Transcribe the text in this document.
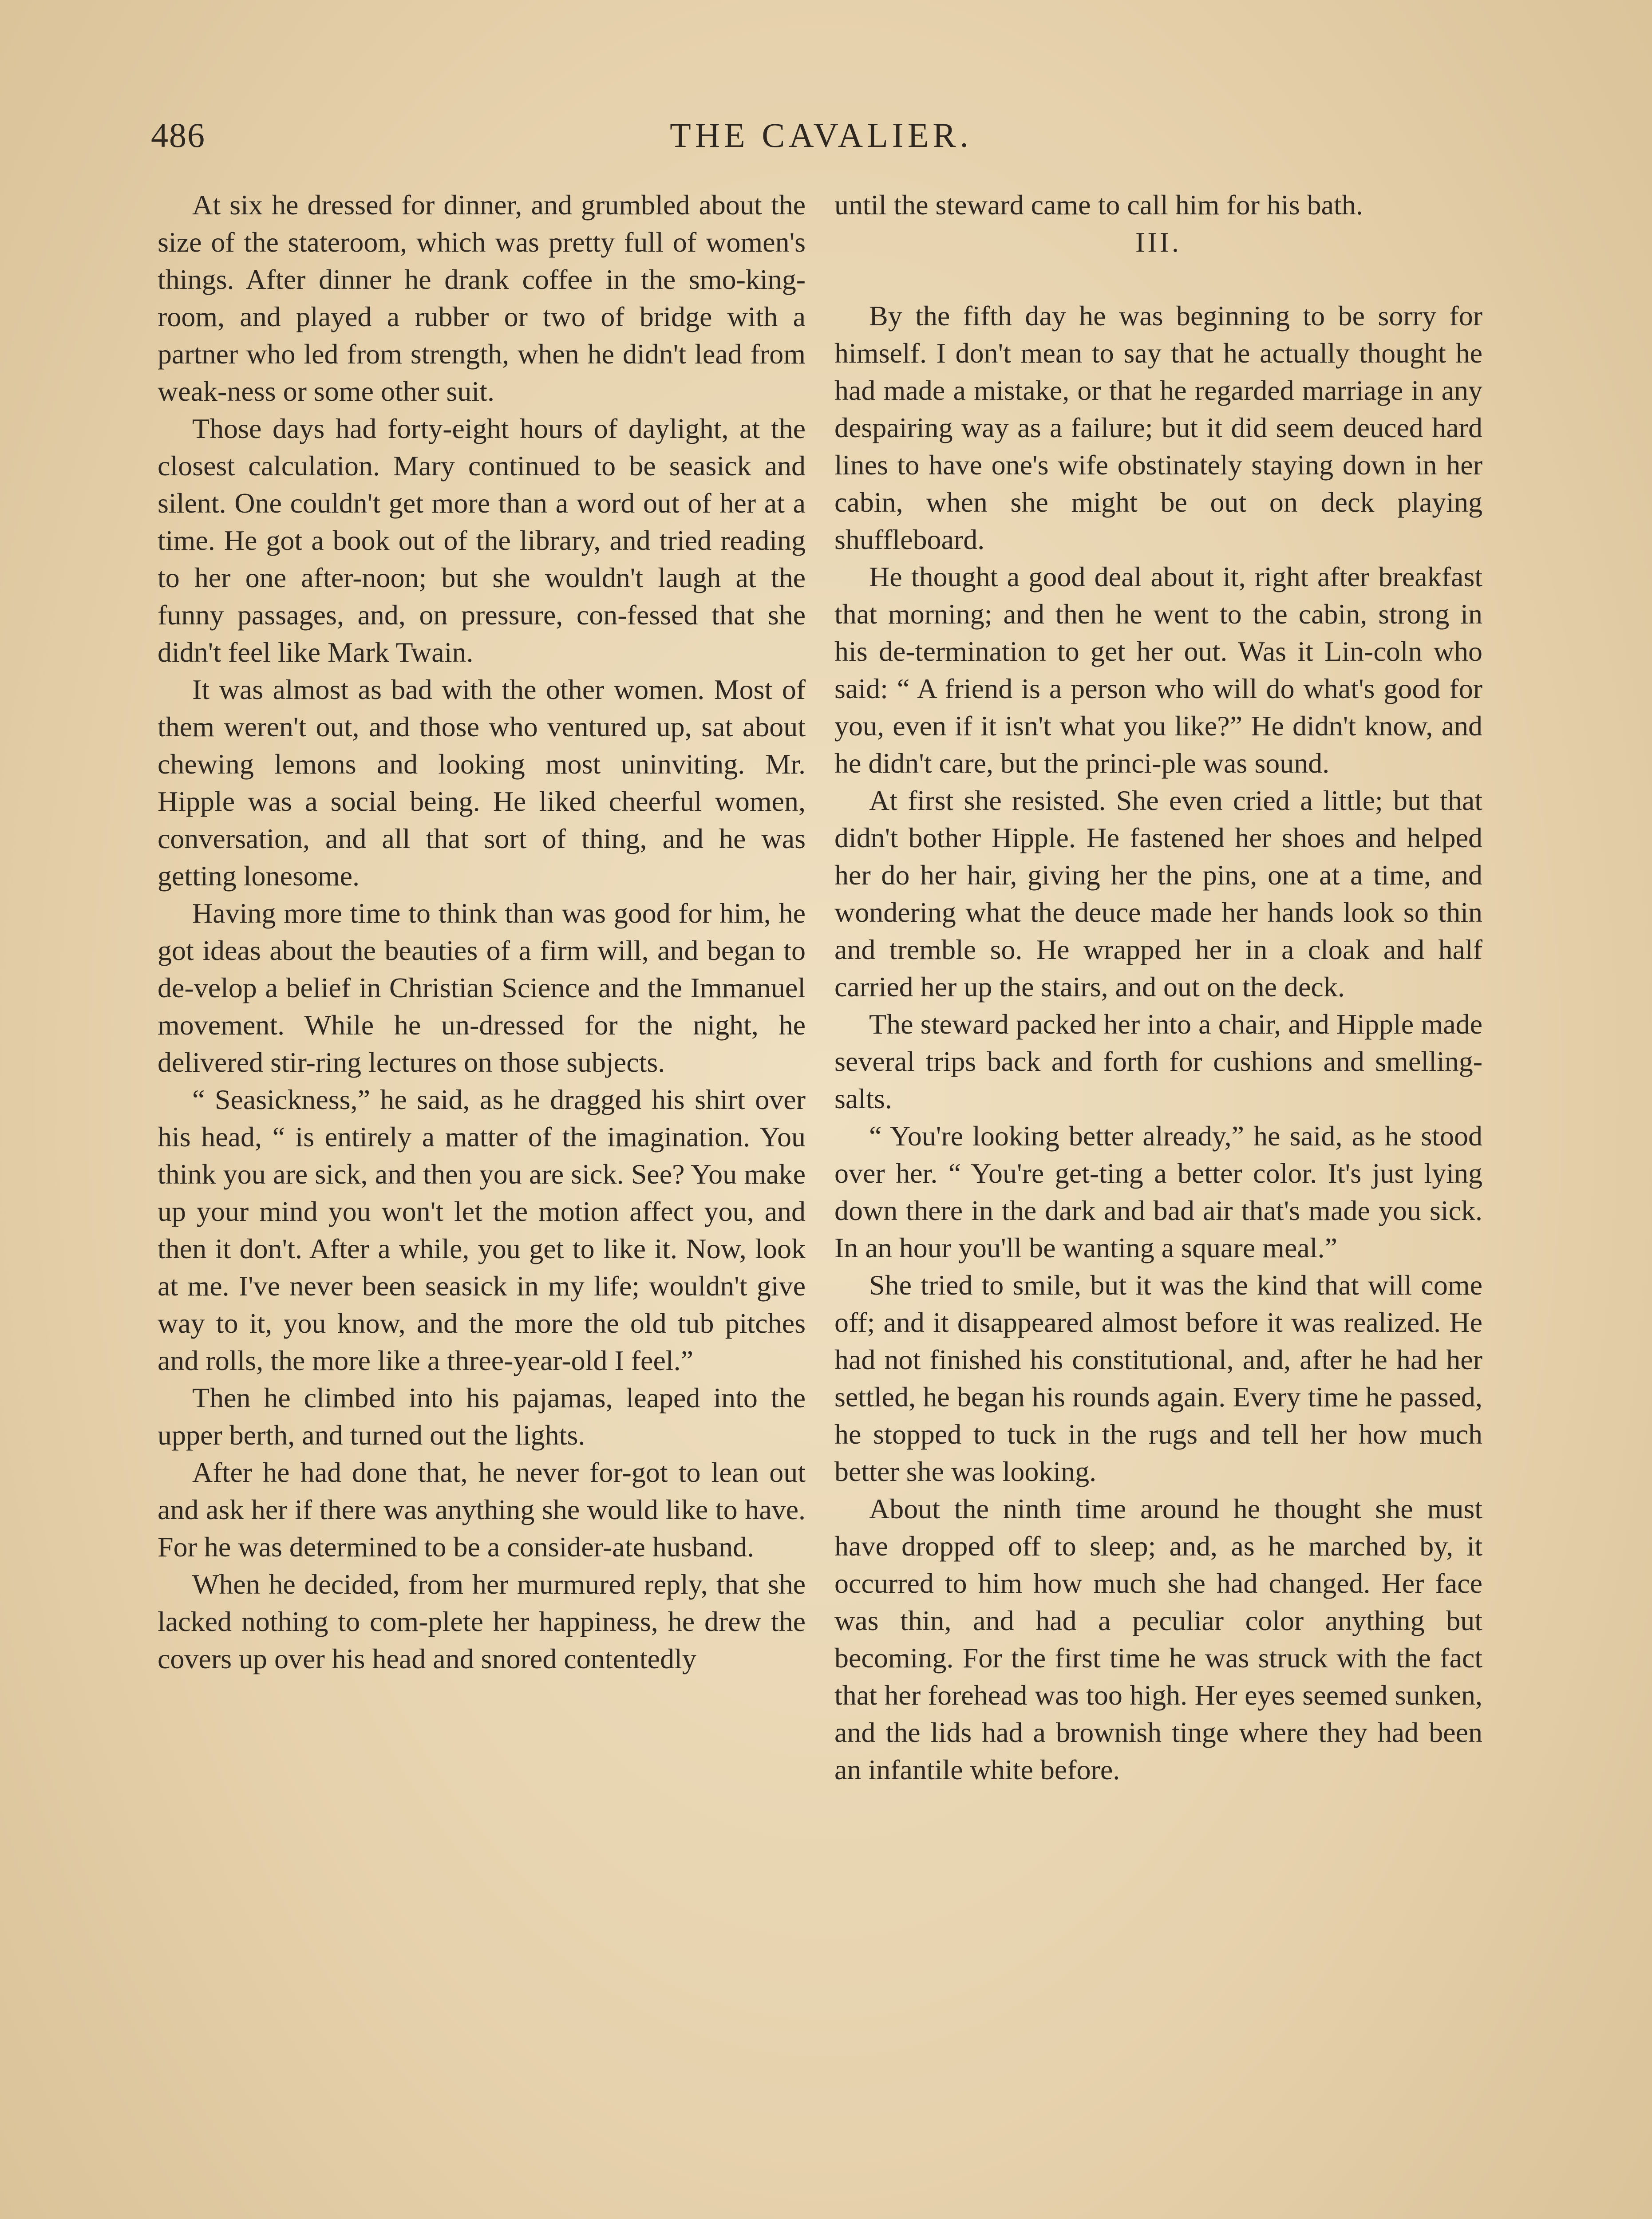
486	THE CAVALIER.

At six he dressed for dinner, and grumbled about the size of the stateroom, which was pretty full of women's things. After dinner he drank coffee in the smo-king-room, and played a rubber or two of bridge with a partner who led from strength, when he didn't lead from weak-ness or some other suit.

Those days had forty-eight hours of daylight, at the closest calculation. Mary continued to be seasick and silent. One couldn't get more than a word out of her at a time. He got a book out of the library, and tried reading to her one after-noon; but she wouldn't laugh at the funny passages, and, on pressure, con-fessed that she didn't feel like Mark Twain.

It was almost as bad with the other women. Most of them weren't out, and those who ventured up, sat about chewing lemons and looking most uninviting. Mr. Hipple was a social being. He liked cheerful women, conversation, and all that sort of thing, and he was getting lonesome.

Having more time to think than was good for him, he got ideas about the beauties of a firm will, and began to de-velop a belief in Christian Science and the Immanuel movement. While he un-dressed for the night, he delivered stir-ring lectures on those subjects.

“ Seasickness,” he said, as he dragged his shirt over his head, “ is entirely a matter of the imagination. You think you are sick, and then you are sick. See? You make up your mind you won't let the motion affect you, and then it don't. After a while, you get to like it. Now, look at me. I've never been seasick in my life; wouldn't give way to it, you know, and the more the old tub pitches and rolls, the more like a three-year-old I feel.”

Then he climbed into his pajamas, leaped into the upper berth, and turned out the lights.

After he had done that, he never for-got to lean out and ask her if there was anything she would like to have. For he was determined to be a consider-ate husband.

When he decided, from her murmured reply, that she lacked nothing to com-plete her happiness, he drew the covers up over his head and snored contentedly

until the steward came to call him for his bath.

III.

By the fifth day he was beginning to be sorry for himself. I don't mean to say that he actually thought he had made a mistake, or that he regarded marriage in any despairing way as a failure; but it did seem deuced hard lines to have one's wife obstinately staying down in her cabin, when she might be out on deck playing shuffleboard.

He thought a good deal about it, right after breakfast that morning; and then he went to the cabin, strong in his de-termination to get her out. Was it Lin-coln who said: “ A friend is a person who will do what's good for you, even if it isn't what you like?” He didn't know, and he didn't care, but the princi-ple was sound.

At first she resisted. She even cried a little; but that didn't bother Hipple. He fastened her shoes and helped her do her hair, giving her the pins, one at a time, and wondering what the deuce made her hands look so thin and tremble so. He wrapped her in a cloak and half carried her up the stairs, and out on the deck.

The steward packed her into a chair, and Hipple made several trips back and forth for cushions and smelling-salts.

“ You're looking better already,” he said, as he stood over her. “ You're get-ting a better color. It's just lying down there in the dark and bad air that's made you sick. In an hour you'll be wanting a square meal.”

She tried to smile, but it was the kind that will come off; and it disappeared almost before it was realized. He had not finished his constitutional, and, after he had her settled, he began his rounds again. Every time he passed, he stopped to tuck in the rugs and tell her how much better she was looking.

About the ninth time around he thought she must have dropped off to sleep; and, as he marched by, it occurred to him how much she had changed. Her face was thin, and had a peculiar color anything but becoming. For the first time he was struck with the fact that her forehead was too high. Her eyes seemed sunken, and the lids had a brownish tinge where they had been an infantile white before.
